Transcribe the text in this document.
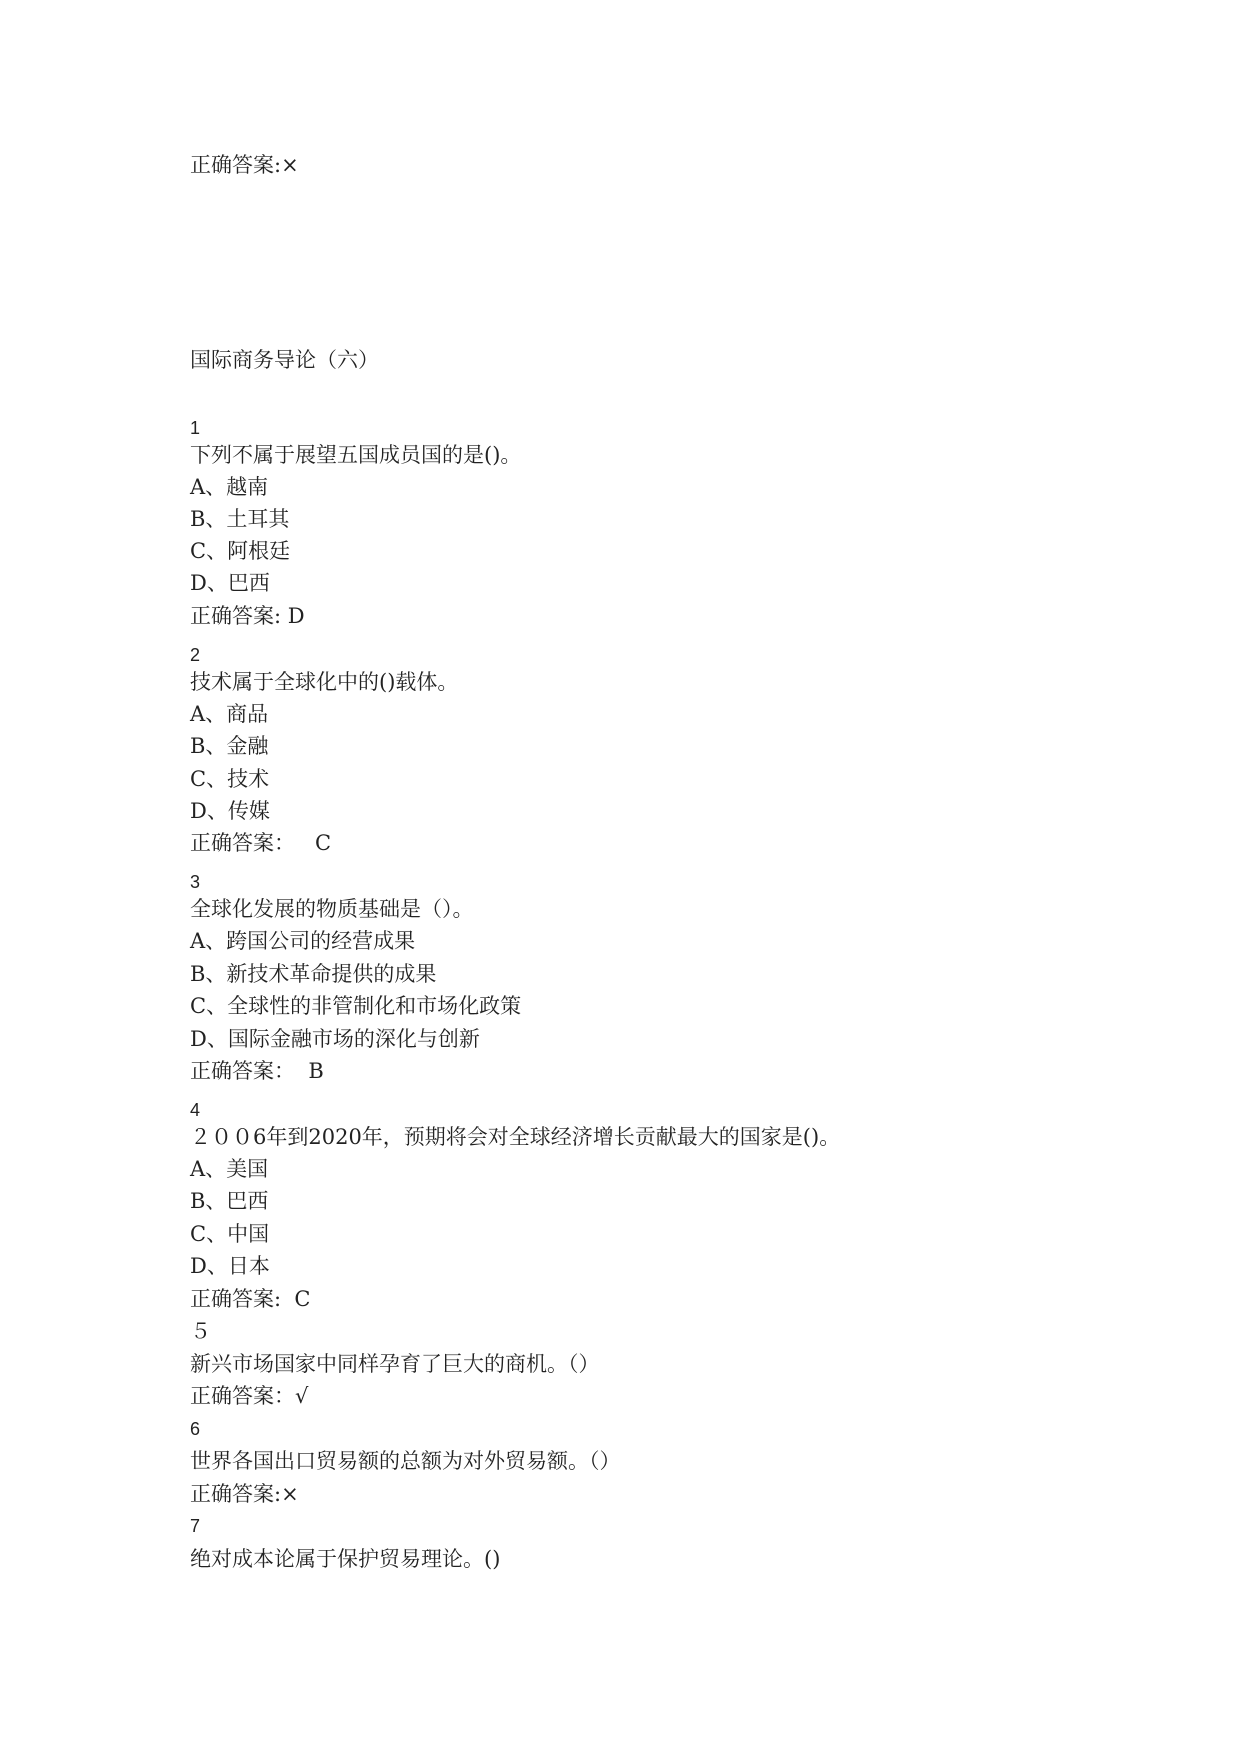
正确答案:×
国际商务导论（六）
1
下列不属于展望五国成员国的是()。
A、越南
B、土耳其
C、阿根廷
D、巴西
正确答案: D
2
技术属于全球化中的()载体。
A、商品
B、金融
C、技术
D、传媒
正确答案：   C
3
全球化发展的物质基础是（）。
A、跨国公司的经营成果
B、新技术革命提供的成果
C、全球性的非管制化和市场化政策
D、国际金融市场的深化与创新
正确答案：  B
4
２００6年到2020年，预期将会对全球经济增长贡献最大的国家是()。
A、美国
B、巴西
C、中国
D、日本
正确答案:  C
５
新兴市场国家中同样孕育了巨大的商机。（）
正确答案：√
6
世界各国出口贸易额的总额为对外贸易额。（）
正确答案:×
7
绝对成本论属于保护贸易理论。()
